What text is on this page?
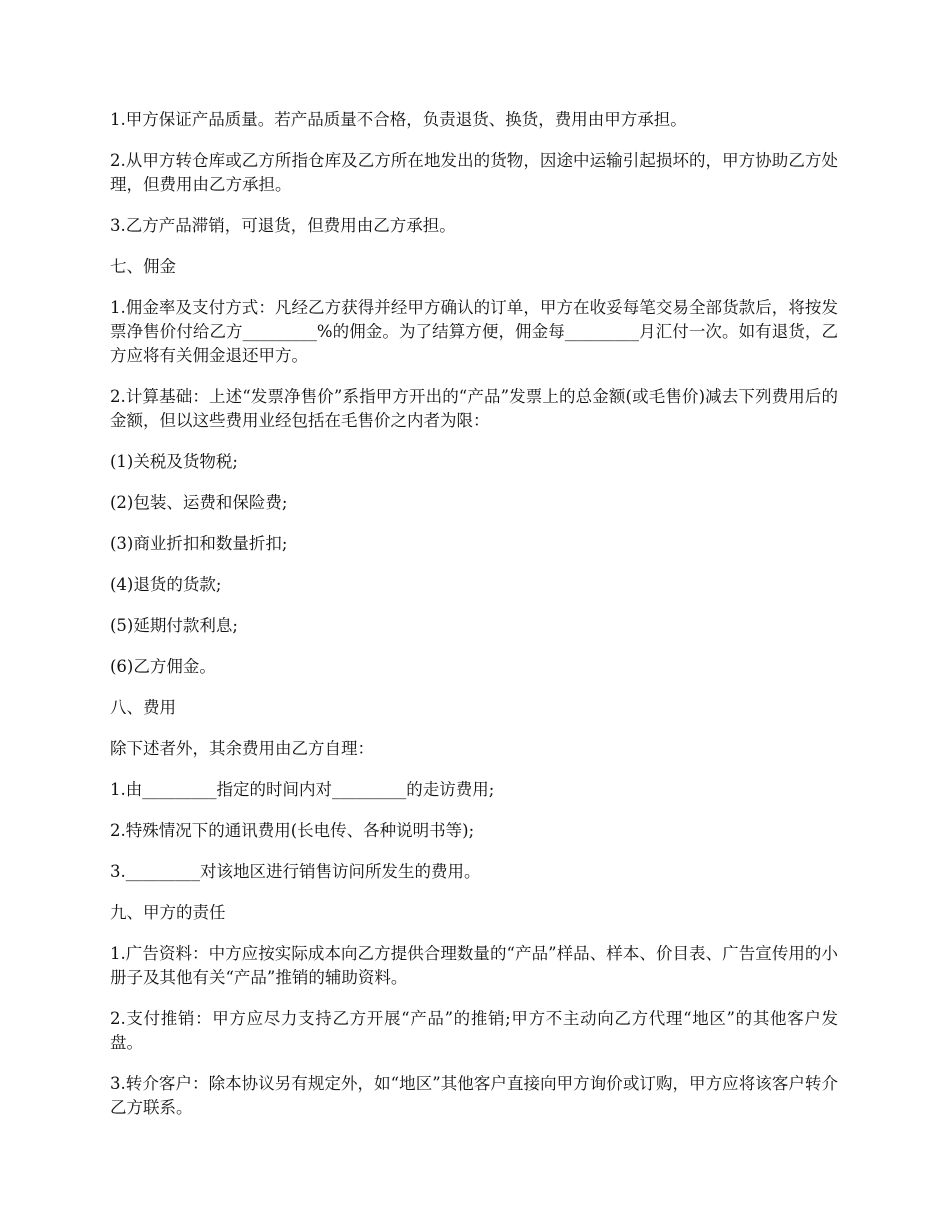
1.甲方保证产品质量。若产品质量不合格，负责退货、换货，费用由甲方承担。

2.从甲方转仓库或乙方所指仓库及乙方所在地发出的货物，因途中运输引起损坏的，甲方协助乙方处理，但费用由乙方承担。

3.乙方产品滞销，可退货，但费用由乙方承担。

七、佣金

1.佣金率及支付方式：凡经乙方获得并经甲方确认的订单，甲方在收妥每笔交易全部货款后，将按发票净售价付给乙方_________%的佣金。为了结算方便，佣金每_________月汇付一次。如有退货，乙方应将有关佣金退还甲方。

2.计算基础：上述“发票净售价”系指甲方开出的“产品”发票上的总金额(或毛售价)减去下列费用后的金额，但以这些费用业经包括在毛售价之内者为限：

(1)关税及货物税;

(2)包装、运费和保险费;

(3)商业折扣和数量折扣;

(4)退货的货款;

(5)延期付款利息;

(6)乙方佣金。

八、费用

除下述者外，其余费用由乙方自理：

1.由_________指定的时间内对_________的走访费用;

2.特殊情况下的通讯费用(长电传、各种说明书等);

3._________对该地区进行销售访问所发生的费用。

九、甲方的责任

1.广告资料：中方应按实际成本向乙方提供合理数量的“产品”样品、样本、价目表、广告宣传用的小册子及其他有关“产品”推销的辅助资料。

2.支付推销：甲方应尽力支持乙方开展“产品”的推销;甲方不主动向乙方代理“地区”的其他客户发盘。

3.转介客户：除本协议另有规定外，如“地区”其他客户直接向甲方询价或订购，甲方应将该客户转介乙方联系。
